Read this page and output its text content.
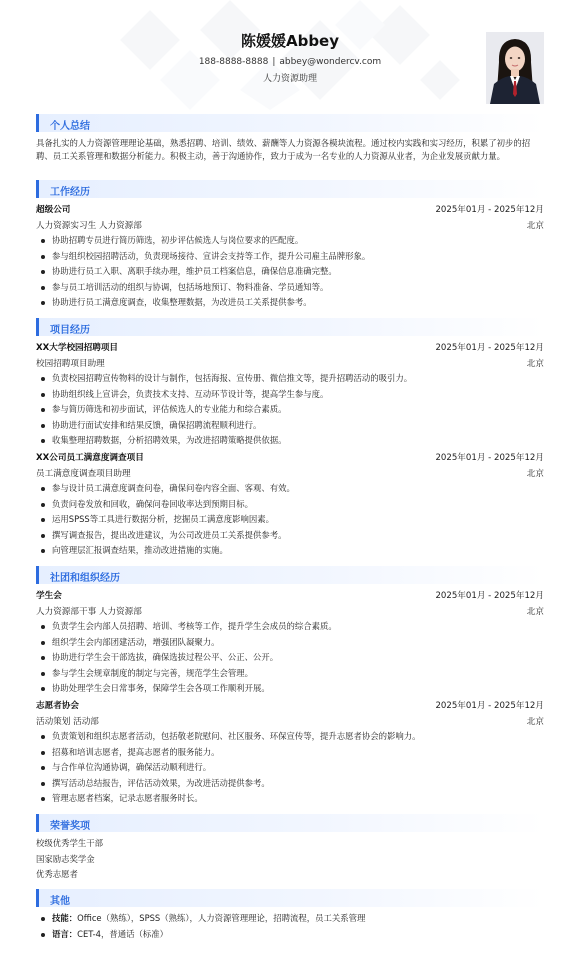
陈媛媛Abbey
188-8888-8888 | abbey@wondercv.com
人力资源助理
个人总结
具备扎实的人力资源管理理论基础，熟悉招聘、培训、绩效、薪酬等人力资源各模块流程。通过校内实践和实习经历，积累了初步的招聘、员工关系管理和数据分析能力。积极主动，善于沟通协作，致力于成为一名专业的人力资源从业者，为企业发展贡献力量。
工作经历
超级公司	2025年01月 - 2025年12月
人力资源实习生 人力资源部	北京
协助招聘专员进行简历筛选，初步评估候选人与岗位要求的匹配度。
参与组织校园招聘活动，负责现场接待、宣讲会支持等工作，提升公司雇主品牌形象。
协助进行员工入职、离职手续办理，维护员工档案信息，确保信息准确完整。
参与员工培训活动的组织与协调，包括场地预订、物料准备、学员通知等。
协助进行员工满意度调查，收集整理数据，为改进员工关系提供参考。
项目经历
XX大学校园招聘项目	2025年01月 - 2025年12月
校园招聘项目助理	北京
负责校园招聘宣传物料的设计与制作，包括海报、宣传册、微信推文等，提升招聘活动的吸引力。
协助组织线上宣讲会，负责技术支持、互动环节设计等，提高学生参与度。
参与简历筛选和初步面试，评估候选人的专业能力和综合素质。
协助进行面试安排和结果反馈，确保招聘流程顺利进行。
收集整理招聘数据，分析招聘效果，为改进招聘策略提供依据。
XX公司员工满意度调查项目	2025年01月 - 2025年12月
员工满意度调查项目助理	北京
参与设计员工满意度调查问卷，确保问卷内容全面、客观、有效。
负责问卷发放和回收，确保问卷回收率达到预期目标。
运用SPSS等工具进行数据分析，挖掘员工满意度影响因素。
撰写调查报告，提出改进建议，为公司改进员工关系提供参考。
向管理层汇报调查结果，推动改进措施的实施。
社团和组织经历
学生会	2025年01月 - 2025年12月
人力资源部干事 人力资源部	北京
负责学生会内部人员招聘、培训、考核等工作，提升学生会成员的综合素质。
组织学生会内部团建活动，增强团队凝聚力。
协助进行学生会干部选拔，确保选拔过程公平、公正、公开。
参与学生会规章制度的制定与完善，规范学生会管理。
协助处理学生会日常事务，保障学生会各项工作顺利开展。
志愿者协会	2025年01月 - 2025年12月
活动策划 活动部	北京
负责策划和组织志愿者活动，包括敬老院慰问、社区服务、环保宣传等，提升志愿者协会的影响力。
招募和培训志愿者，提高志愿者的服务能力。
与合作单位沟通协调，确保活动顺利进行。
撰写活动总结报告，评估活动效果，为改进活动提供参考。
管理志愿者档案，记录志愿者服务时长。
荣誉奖项
校级优秀学生干部
国家励志奖学金
优秀志愿者
其他
技能：Office（熟练），SPSS（熟练），人力资源管理理论，招聘流程，员工关系管理
语言：CET-4，普通话（标准）
